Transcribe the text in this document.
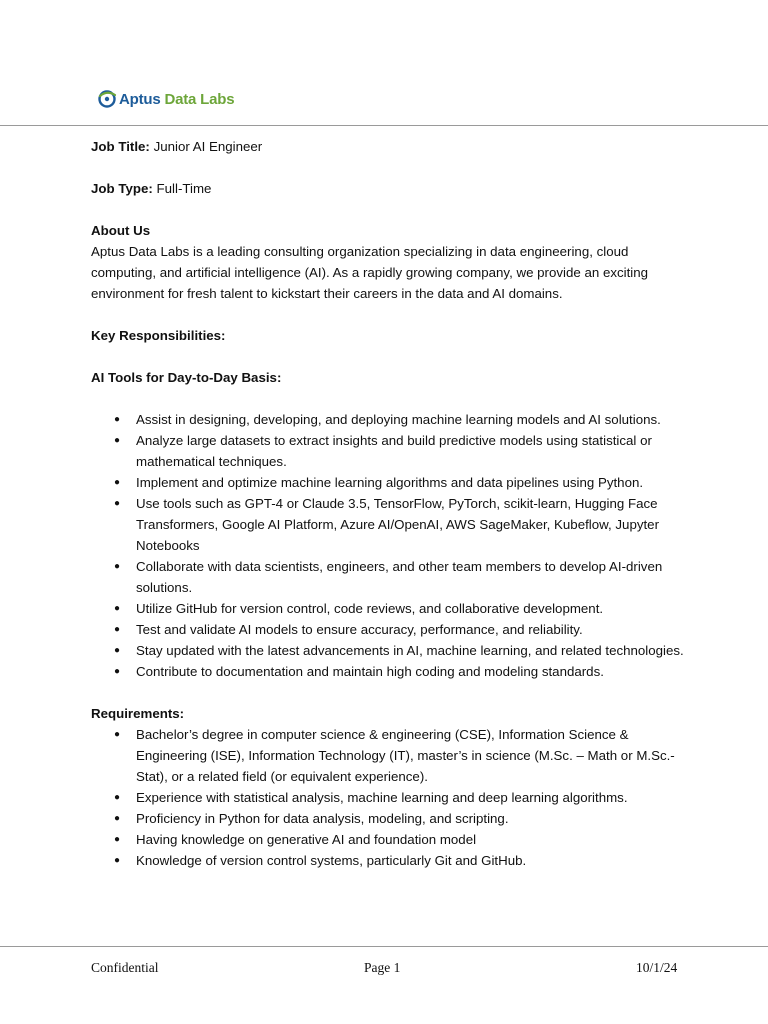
Aptus Data Labs

Job Title: Junior AI Engineer

Job Type: Full-Time

About Us

Aptus Data Labs is a leading consulting organization specializing in data engineering, cloud computing, and artificial intelligence (AI). As a rapidly growing company, we provide an exciting environment for fresh talent to kickstart their careers in the data and AI domains.

Key Responsibilities:

AI Tools for Day-to-Day Basis:

● Assist in designing, developing, and deploying machine learning models and AI solutions.
● Analyze large datasets to extract insights and build predictive models using statistical or mathematical techniques.
● Implement and optimize machine learning algorithms and data pipelines using Python.
● Use tools such as GPT-4 or Claude 3.5, TensorFlow, PyTorch, scikit-learn, Hugging Face Transformers, Google AI Platform, Azure AI/OpenAI, AWS SageMaker, Kubeflow, Jupyter Notebooks
● Collaborate with data scientists, engineers, and other team members to develop AI-driven solutions.
● Utilize GitHub for version control, code reviews, and collaborative development.
● Test and validate AI models to ensure accuracy, performance, and reliability.
● Stay updated with the latest advancements in AI, machine learning, and related technologies.
● Contribute to documentation and maintain high coding and modeling standards.

Requirements:

● Bachelor’s degree in computer science & engineering (CSE), Information Science & Engineering (ISE), Information Technology (IT), master’s in science (M.Sc. – Math or M.Sc.-Stat), or a related field (or equivalent experience).
● Experience with statistical analysis, machine learning and deep learning algorithms.
● Proficiency in Python for data analysis, modeling, and scripting.
● Having knowledge on generative AI and foundation model
● Knowledge of version control systems, particularly Git and GitHub.
Confidential	Page 1	10/1/24
